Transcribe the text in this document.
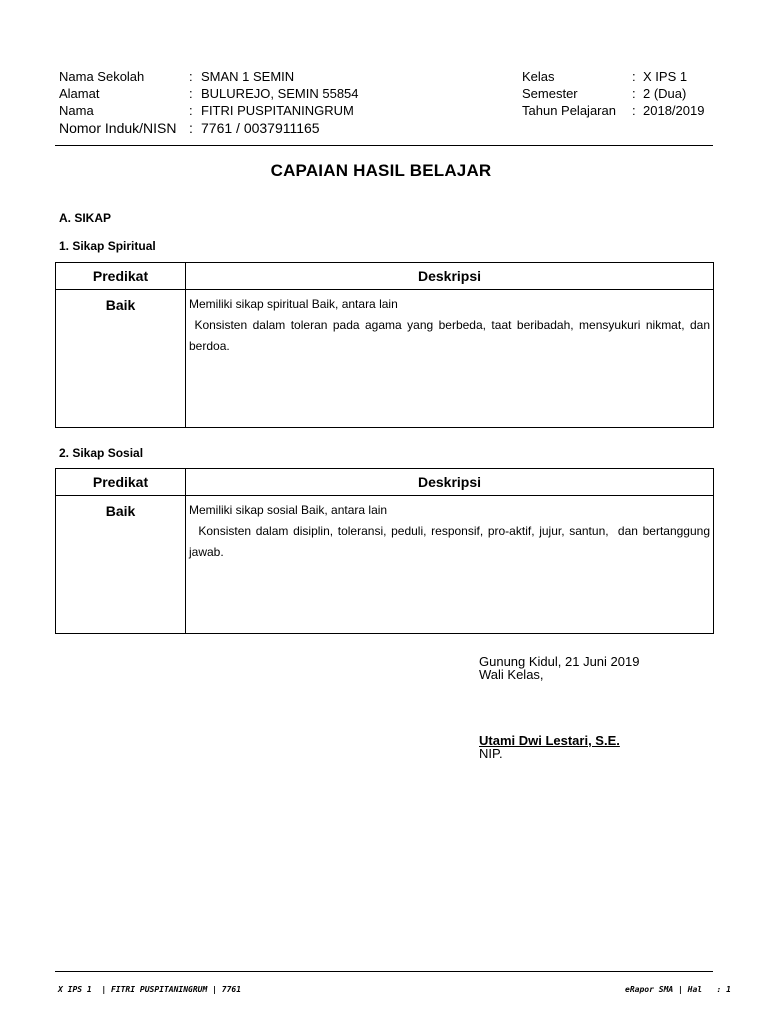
Nama Sekolah	: SMAN 1 SEMIN
Alamat	: BULUREJO, SEMIN 55854
Nama	: FITRI PUSPITANINGRUM
Nomor Induk/NISN : 7761 / 0037911165
Kelas	: X IPS 1
Semester	: 2 (Dua)
Tahun Pelajaran : 2018/2019
CAPAIAN HASIL BELAJAR
A. SIKAP
1. Sikap Spiritual
Predikat	Deskripsi
Baik	Memiliki sikap spiritual Baik, antara lain
Konsisten dalam toleran pada agama yang berbeda, taat beribadah, mensyukuri nikmat, dan berdoa.
2. Sikap Sosial
Predikat	Deskripsi
Baik	Memiliki sikap sosial Baik, antara lain
Konsisten dalam disiplin, toleransi, peduli, responsif, pro-aktif, jujur, santun,  dan bertanggung jawab.
Gunung Kidul, 21 Juni 2019
Wali Kelas,
Utami Dwi Lestari, S.E.
NIP.
X IPS 1  | FITRI PUSPITANINGRUM | 7761	eRapor SMA | Hal   : 1
